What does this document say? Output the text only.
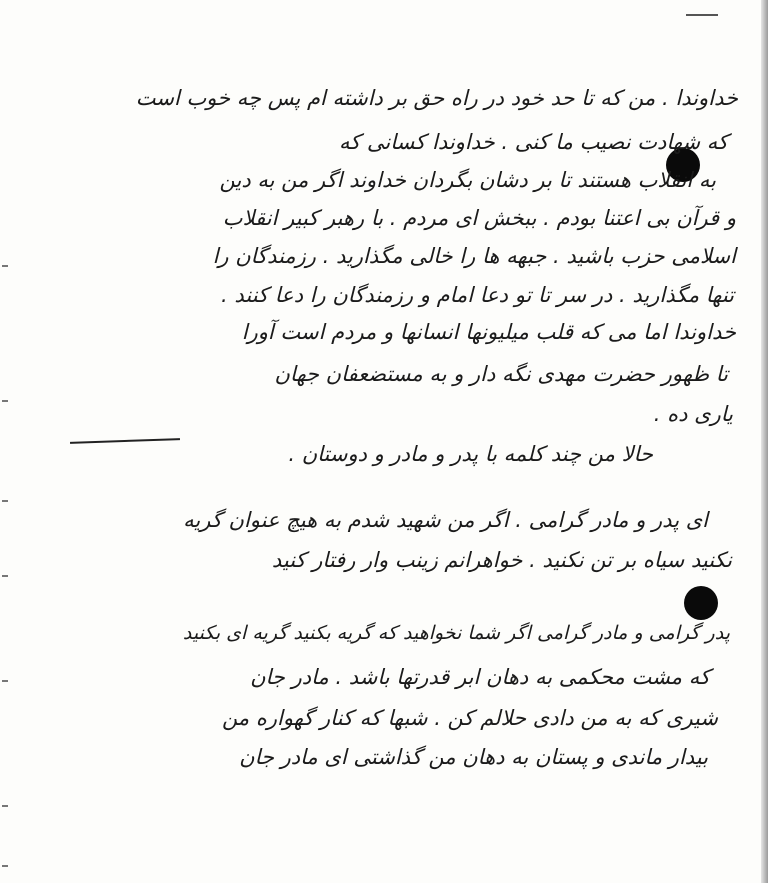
خداوندا . من که تا حد خود در راه حق بر داشته ام پس چه خوب است
که شهادت نصیب ما کنی . خداوندا کسانی که
به انقلاب هستند تا بر دشان بگردان خداوند اگر من به دین
و قرآن بی اعتنا بودم . ببخش ای مردم . با رهبر کبیر انقلاب
اسلامی حزب باشید . جبهه ها را خالی مگذارید . رزمندگان را
تنها مگذارید . در سر تا تو دعا امام و رزمندگان را دعا کنند .
خداوندا اما می که قلب میلیونها انسانها و مردم است آورا
تا ظهور حضرت مهدی نگه دار و به مستضعفان جهان
یاری ده .
حالا من چند کلمه با پدر و مادر و دوستان .
ای پدر و مادر گرامی . اگر من شهید شدم به هیچ عنوان گریه
نکنید سیاه بر تن نکنید . خواهرانم زینب وار رفتار کنید
پدر گرامی و مادر گرامی اگر شما نخواهید که گریه بکنید گریه ای بکنید
که مشت محکمی به دهان ابر قدرتها باشد . مادر جان
شیری که به من دادی حلالم کن . شبها که کنار گهواره من
بیدار ماندی و پستان به دهان من گذاشتی ای مادر جان
